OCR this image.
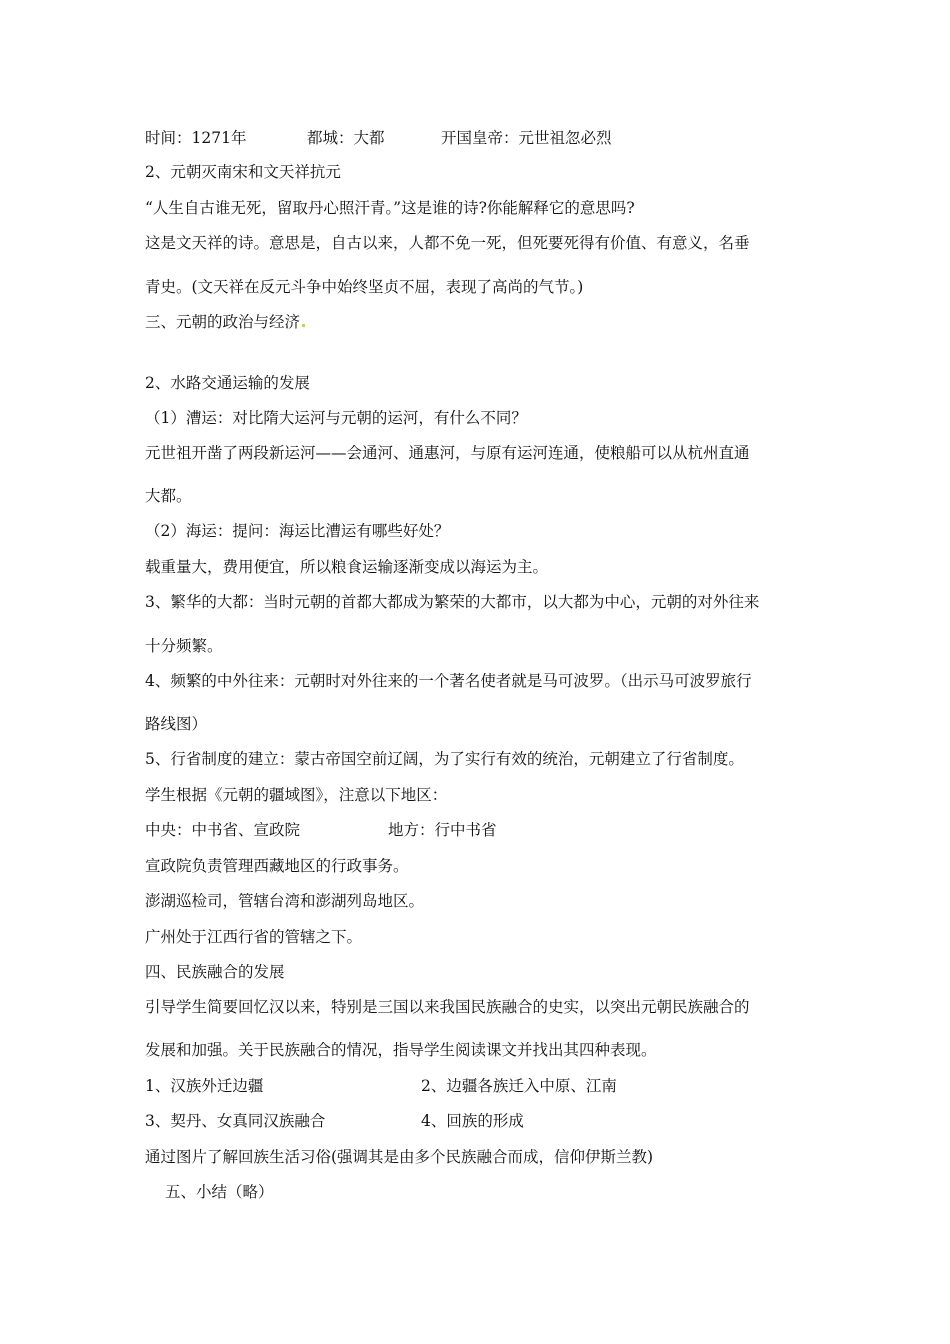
时间：1271年	都城：大都	开国皇帝：元世祖忽必烈
2、元朝灭南宋和文天祥抗元
“人生自古谁无死，留取丹心照汗青。”这是谁的诗?你能解释它的意思吗?
这是文天祥的诗。意思是，自古以来，人都不免一死，但死要死得有价值、有意义，名垂
青史。(文天祥在反元斗争中始终坚贞不屈，表现了高尚的气节。)
三、元朝的政治与经济
2、水路交通运输的发展
（1）漕运：对比隋大运河与元朝的运河，有什么不同？
元世祖开凿了两段新运河——会通河、通惠河，与原有运河连通，使粮船可以从杭州直通
大都。
（2）海运：提问：海运比漕运有哪些好处？
载重量大，费用便宜，所以粮食运输逐渐变成以海运为主。
3、繁华的大都：当时元朝的首都大都成为繁荣的大都市，以大都为中心，元朝的对外往来
十分频繁。
4、频繁的中外往来：元朝时对外往来的一个著名使者就是马可波罗。（出示马可波罗旅行
路线图）
5、行省制度的建立：蒙古帝国空前辽阔，为了实行有效的统治，元朝建立了行省制度。
学生根据《元朝的疆域图》，注意以下地区：
中央：中书省、宣政院	地方：行中书省
宣政院负责管理西藏地区的行政事务。
澎湖巡检司，管辖台湾和澎湖列岛地区。
广州处于江西行省的管辖之下。
四、民族融合的发展
引导学生简要回忆汉以来，特别是三国以来我国民族融合的史实，以突出元朝民族融合的
发展和加强。关于民族融合的情况，指导学生阅读课文并找出其四种表现。
1、汉族外迁边疆	2、边疆各族迁入中原、江南
3、契丹、女真同汉族融合	4、回族的形成
通过图片了解回族生活习俗(强调其是由多个民族融合而成，信仰伊斯兰教)
五、小结（略）
